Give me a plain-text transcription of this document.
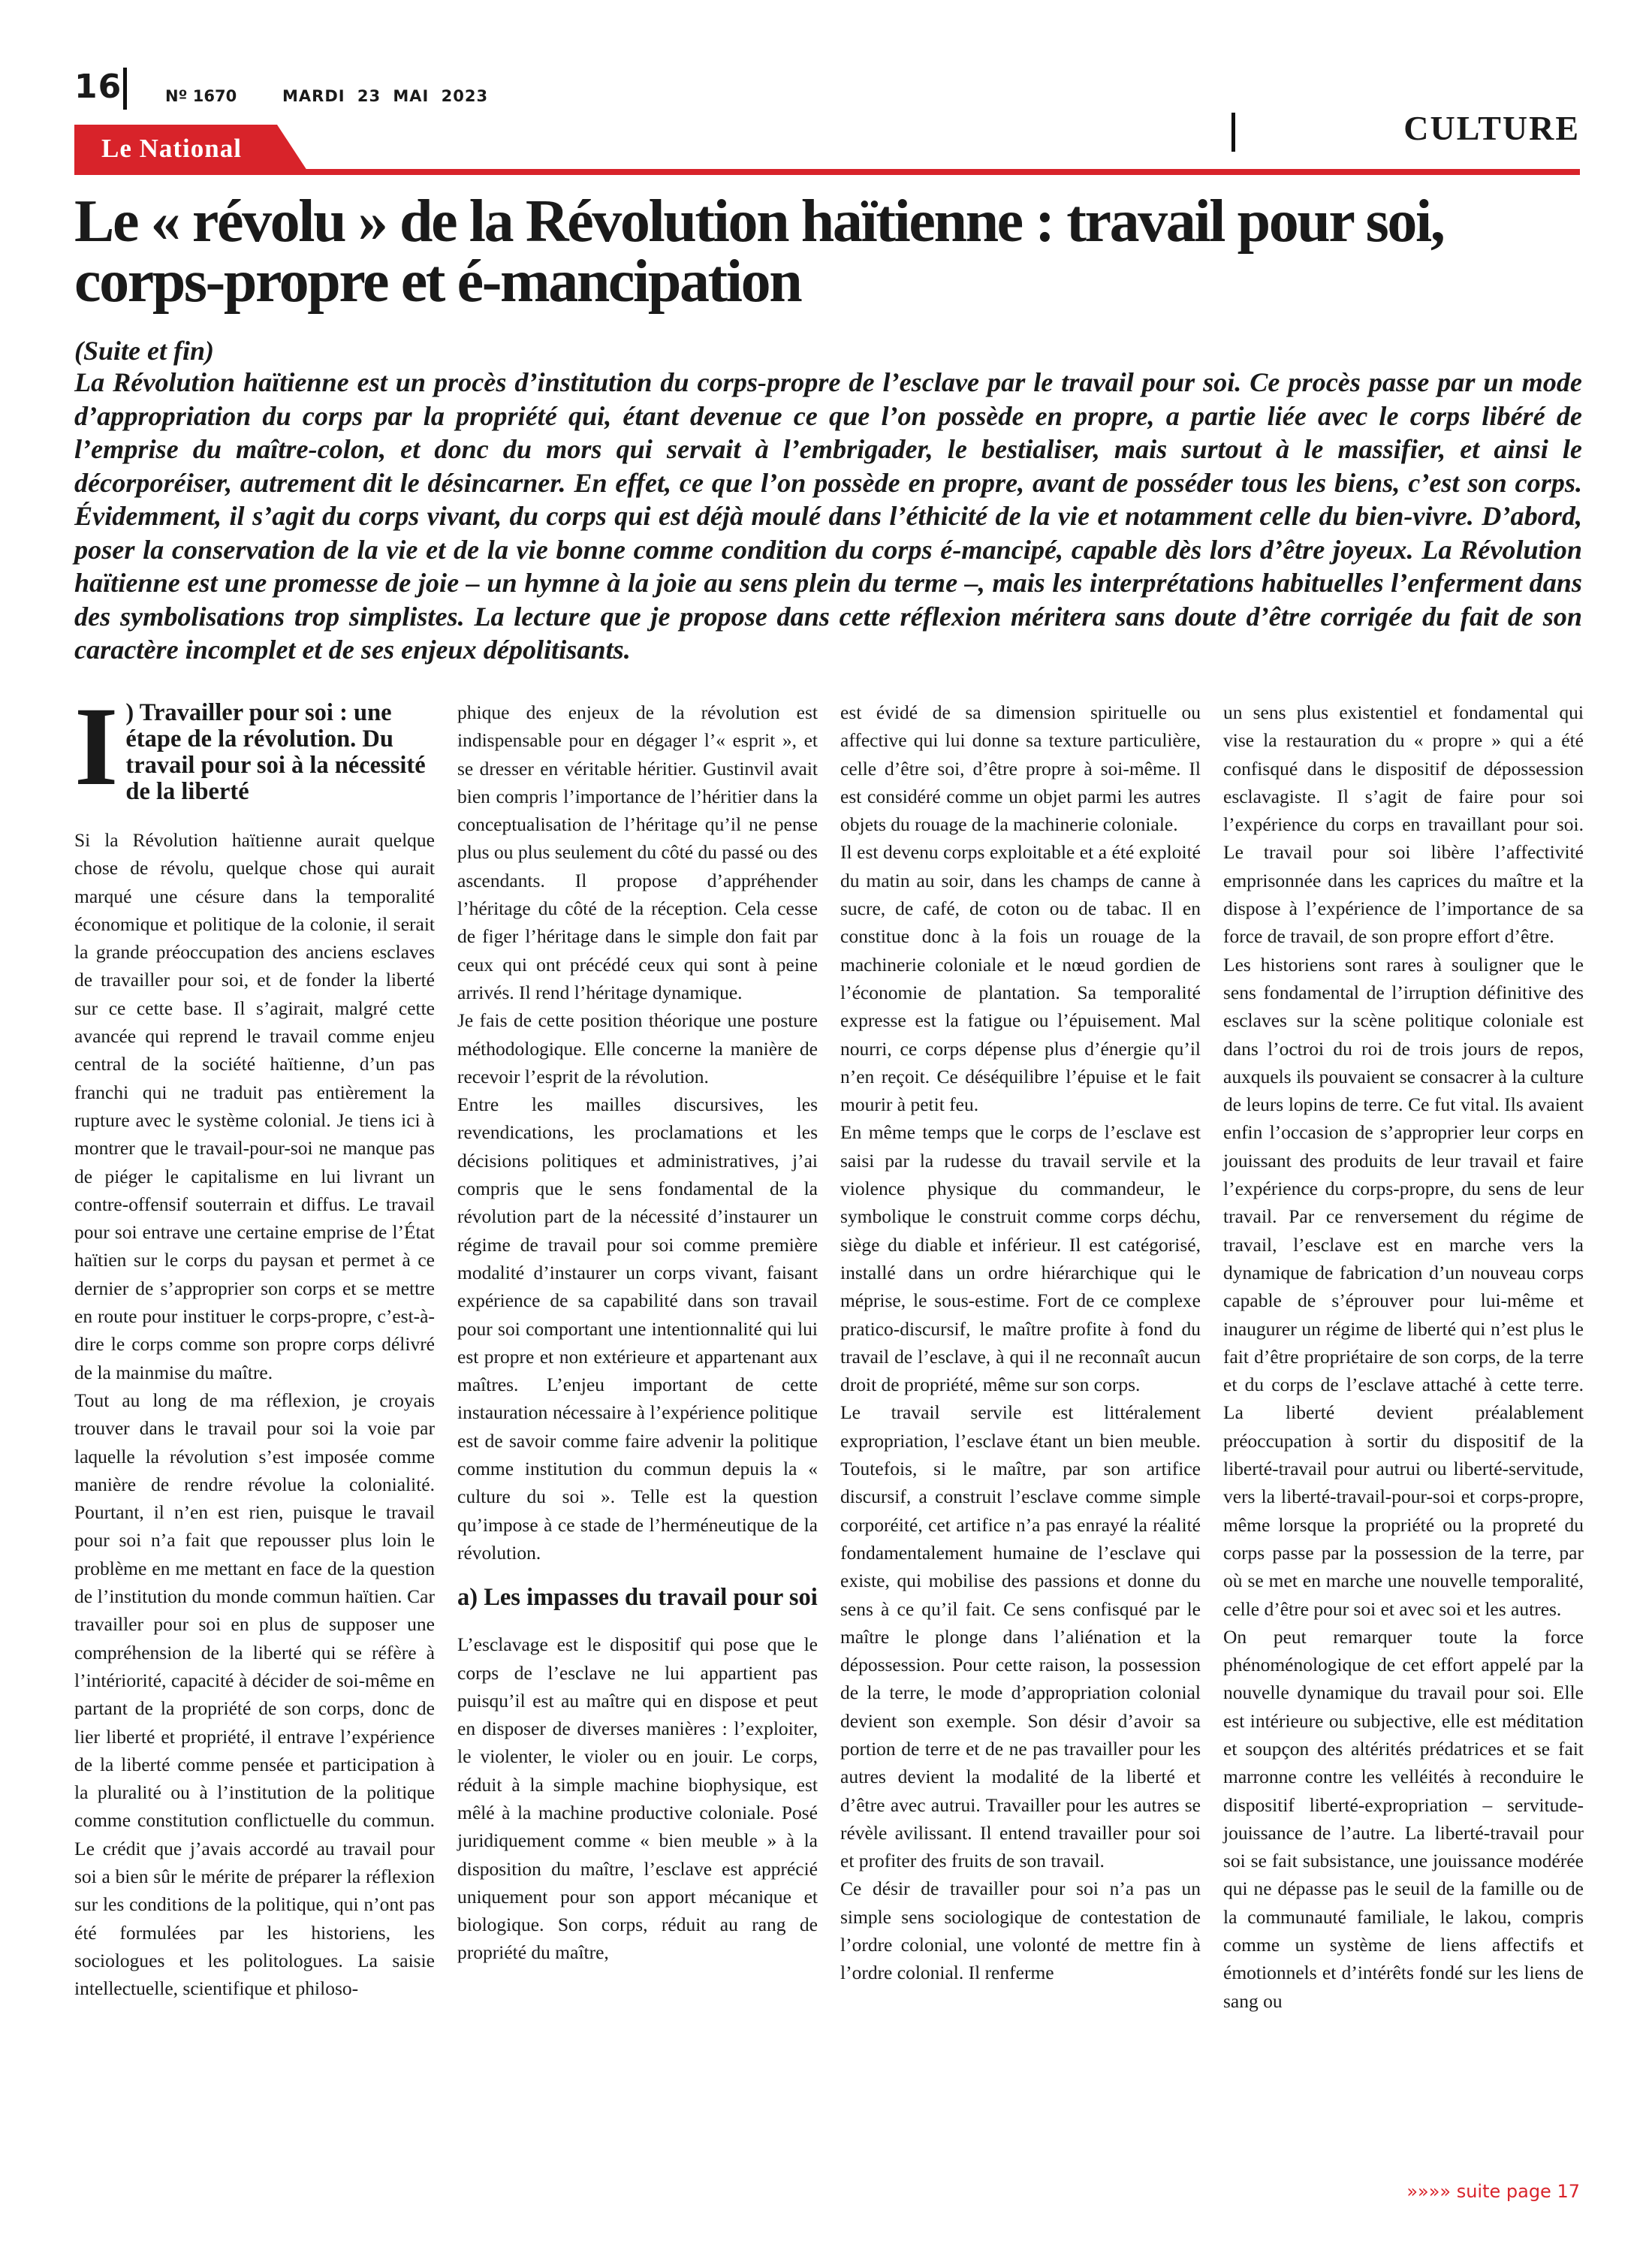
16	Nº 1670	MARDI 23 MAI 2023
Le National
CULTURE
Le « révolu » de la Révolution haïtienne : travail pour soi, corps-propre et é-mancipation
(Suite et fin)

La Révolution haïtienne est un procès d’institution du corps-propre de l’esclave par le travail pour soi. Ce procès passe par un mode d’appropriation du corps par la propriété qui, étant devenue ce que l’on possède en propre, a partie liée avec le corps libéré de l’emprise du maître-colon, et donc du mors qui servait à l’embrigader, le bestialiser, mais surtout à le massifier, et ainsi le décorporéiser, autrement dit le désincarner. En effet, ce que l’on possède en propre, avant de posséder tous les biens, c’est son corps. Évidemment, il s’agit du corps vivant, du corps qui est déjà moulé dans l’éthicité de la vie et notamment celle du bien-vivre. D’abord, poser la conservation de la vie et de la vie bonne comme condition du corps é-mancipé, capable dès lors d’être joyeux. La Révolution haïtienne est une promesse de joie – un hymne à la joie au sens plein du terme –, mais les interprétations habituelles l’enferment dans des symbolisations trop simplistes. La lecture que je propose dans cette réflexion méritera sans doute d’être corrigée du fait de son caractère incomplet et de ses enjeux dépolitisants.

I ) Travailler pour soi : une étape de la révolution. Du travail pour soi à la nécessité de la liberté

Si la Révolution haïtienne aurait quelque chose de révolu, quelque chose qui aurait marqué une césure dans la temporalité économique et politique de la colonie, il serait la grande préoccupation des anciens esclaves de travailler pour soi, et de fonder la liberté sur ce cette base. Il s’agirait, malgré cette avancée qui reprend le travail comme enjeu central de la société haïtienne, d’un pas franchi qui ne traduit pas entièrement la rupture avec le système colonial. Je tiens ici à montrer que le travail-pour-soi ne manque pas de piéger le capitalisme en lui livrant un contre-offensif souterrain et diffus. Le travail pour soi entrave une certaine emprise de l’État haïtien sur le corps du paysan et permet à ce dernier de s’approprier son corps et se mettre en route pour instituer le corps-propre, c’est-à-dire le corps comme son propre corps délivré de la mainmise du maître.

Tout au long de ma réflexion, je croyais trouver dans le travail pour soi la voie par laquelle la révolution s’est imposée comme manière de rendre révolue la colonialité. Pourtant, il n’en est rien, puisque le travail pour soi n’a fait que repousser plus loin le problème en me mettant en face de la question de l’institution du monde commun haïtien. Car travailler pour soi en plus de supposer une compréhension de la liberté qui se réfère à l’intériorité, capacité à décider de soi-même en partant de la propriété de son corps, donc de lier liberté et propriété, il entrave l’expérience de la liberté comme pensée et participation à la pluralité ou à l’institution de la politique comme constitution conflictuelle du commun. Le crédit que j’avais accordé au travail pour soi a bien sûr le mérite de préparer la réflexion sur les conditions de la politique, qui n’ont pas été formulées par les historiens, les sociologues et les politologues. La saisie intellectuelle, scientifique et philoso-

phique des enjeux de la révolution est indispensable pour en dégager l’« esprit », et se dresser en véritable héritier. Gustinvil avait bien compris l’importance de l’héritier dans la conceptualisation de l’héritage qu’il ne pense plus ou plus seulement du côté du passé ou des ascendants. Il propose d’appréhender l’héritage du côté de la réception. Cela cesse de figer l’héritage dans le simple don fait par ceux qui ont précédé ceux qui sont à peine arrivés. Il rend l’héritage dynamique.

Je fais de cette position théorique une posture méthodologique. Elle concerne la manière de recevoir l’esprit de la révolution.

Entre les mailles discursives, les revendications, les proclamations et les décisions politiques et administratives, j’ai compris que le sens fondamental de la révolution part de la nécessité d’instaurer un régime de travail pour soi comme première modalité d’instaurer un corps vivant, faisant expérience de sa capabilité dans son travail pour soi comportant une intentionnalité qui lui est propre et non extérieure et appartenant aux maîtres. L’enjeu important de cette instauration nécessaire à l’expérience politique est de savoir comme faire advenir la politique comme institution du commun depuis la « culture du soi ». Telle est la question qu’impose à ce stade de l’herméneutique de la révolution.

a) Les impasses du travail pour soi

L’esclavage est le dispositif qui pose que le corps de l’esclave ne lui appartient pas puisqu’il est au maître qui en dispose et peut en disposer de diverses manières : l’exploiter, le violenter, le violer ou en jouir. Le corps, réduit à la simple machine biophysique, est mêlé à la machine productive coloniale. Posé juridiquement comme « bien meuble » à la disposition du maître, l’esclave est apprécié uniquement pour son apport mécanique et biologique. Son corps, réduit au rang de propriété du maître,

est évidé de sa dimension spirituelle ou affective qui lui donne sa texture particulière, celle d’être soi, d’être propre à soi-même. Il est considéré comme un objet parmi les autres objets du rouage de la machinerie coloniale.

Il est devenu corps exploitable et a été exploité du matin au soir, dans les champs de canne à sucre, de café, de coton ou de tabac. Il en constitue donc à la fois un rouage de la machinerie coloniale et le nœud gordien de l’économie de plantation. Sa temporalité expresse est la fatigue ou l’épuisement. Mal nourri, ce corps dépense plus d’énergie qu’il n’en reçoit. Ce déséquilibre l’épuise et le fait mourir à petit feu.

En même temps que le corps de l’esclave est saisi par la rudesse du travail servile et la violence physique du commandeur, le symbolique le construit comme corps déchu, siège du diable et inférieur. Il est catégorisé, installé dans un ordre hiérarchique qui le méprise, le sous-estime. Fort de ce complexe pratico-discursif, le maître profite à fond du travail de l’esclave, à qui il ne reconnaît aucun droit de propriété, même sur son corps.

Le travail servile est littéralement expropriation, l’esclave étant un bien meuble. Toutefois, si le maître, par son artifice discursif, a construit l’esclave comme simple corporéité, cet artifice n’a pas enrayé la réalité fondamentalement humaine de l’esclave qui existe, qui mobilise des passions et donne du sens à ce qu’il fait. Ce sens confisqué par le maître le plonge dans l’aliénation et la dépossession. Pour cette raison, la possession de la terre, le mode d’appropriation colonial devient son exemple. Son désir d’avoir sa portion de terre et de ne pas travailler pour les autres devient la modalité de la liberté et d’être avec autrui. Travailler pour les autres se révèle avilissant. Il entend travailler pour soi et profiter des fruits de son travail.

Ce désir de travailler pour soi n’a pas un simple sens sociologique de contestation de l’ordre colonial, une volonté de mettre fin à l’ordre colonial. Il renferme

un sens plus existentiel et fondamental qui vise la restauration du « propre » qui a été confisqué dans le dispositif de dépossession esclavagiste. Il s’agit de faire pour soi l’expérience du corps en travaillant pour soi. Le travail pour soi libère l’affectivité emprisonnée dans les caprices du maître et la dispose à l’expérience de l’importance de sa force de travail, de son propre effort d’être.

Les historiens sont rares à souligner que le sens fondamental de l’irruption définitive des esclaves sur la scène politique coloniale est dans l’octroi du roi de trois jours de repos, auxquels ils pouvaient se consacrer à la culture de leurs lopins de terre. Ce fut vital. Ils avaient enfin l’occasion de s’approprier leur corps en jouissant des produits de leur travail et faire l’expérience du corps-propre, du sens de leur travail. Par ce renversement du régime de travail, l’esclave est en marche vers la dynamique de fabrication d’un nouveau corps capable de s’éprouver pour lui-même et inaugurer un régime de liberté qui n’est plus le fait d’être propriétaire de son corps, de la terre et du corps de l’esclave attaché à cette terre. La liberté devient préalablement préoccupation à sortir du dispositif de la liberté-travail pour autrui ou liberté-servitude, vers la liberté-travail-pour-soi et corps-propre, même lorsque la propriété ou la propreté du corps passe par la possession de la terre, par où se met en marche une nouvelle temporalité, celle d’être pour soi et avec soi et les autres.

On peut remarquer toute la force phénoménologique de cet effort appelé par la nouvelle dynamique du travail pour soi. Elle est intérieure ou subjective, elle est méditation et soupçon des altérités prédatrices et se fait marronne contre les velléités à reconduire le dispositif liberté-expropriation – servitude-jouissance de l’autre. La liberté-travail pour soi se fait subsistance, une jouissance modérée qui ne dépasse pas le seuil de la famille ou de la communauté familiale, le lakou, compris comme un système de liens affectifs et émotionnels et d’intérêts fondé sur les liens de sang ou

»»»» suite page 17
